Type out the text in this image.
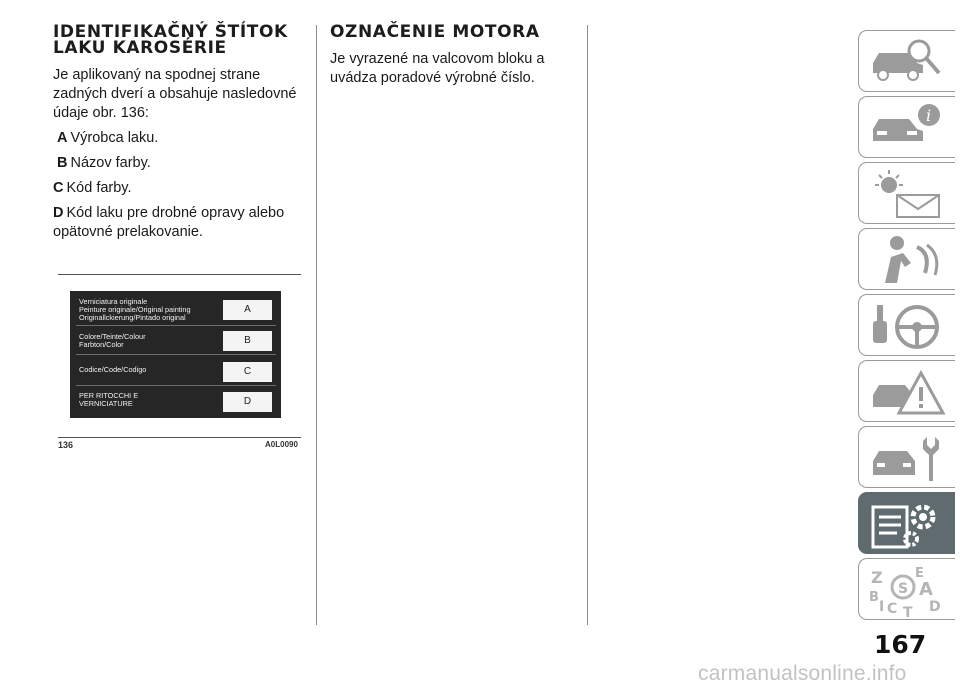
IDENTIFIKAČNÝ ŠTÍTOK
LAKU KAROSÉRIE

Je aplikovaný na spodnej strane zadných dverí a obsahuje nasledovné údaje obr. 136:

A Výrobca laku.
B Názov farby.
C Kód farby.
D Kód laku pre drobné opravy alebo opätovné prelakovanie.
Verniciatura originale
Peinture originale/Original painting
Originallckierung/Pintado original
A
Colore/Teinte/Colour
Farbton/Color	B
Codice/Code/Codigo	C
PER RITOCCHI E
VERNICIATURE	D
136	A0L0090
OZNAČENIE MOTORA

Je vyrazené na valcovom bloku a uvádza poradové výrobné číslo.

i
Z E
A
B
C T D
I
S
167
carmanualsonline.info
